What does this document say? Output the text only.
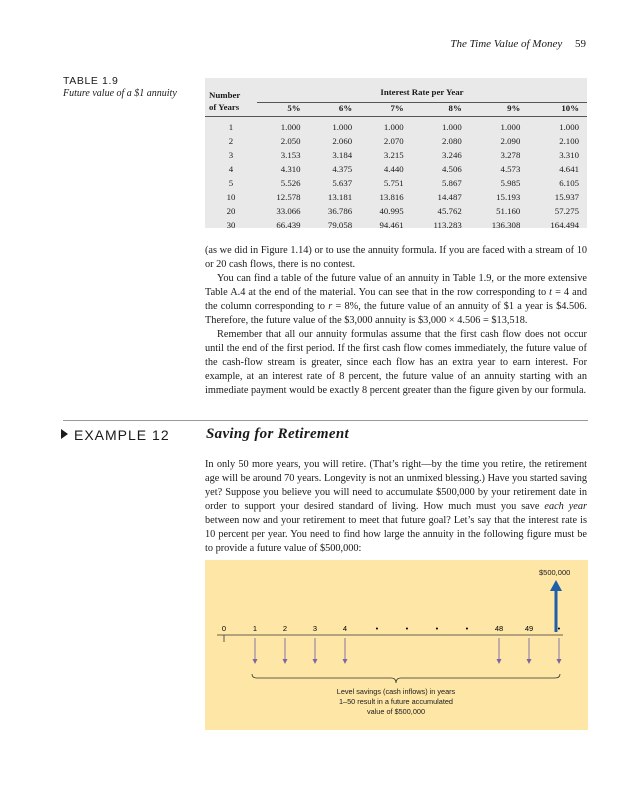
The Time Value of Money 59
TABLE 1.9
Future value of a $1 annuity	Number	Interest Rate per Year					
of Years	5%	6%	7%	8%	9%	10%
1	1.000	1.000	1.000	1.000	1.000	1.000
2	2.050	2.060	2.070	2.080	2.090	2.100
3	3.153	3.184	3.215	3.246	3.278	3.310
4	4.310	4.375	4.440	4.506	4.573	4.641
5	5.526	5.637	5.751	5.867	5.985	6.105
10	12.578	13.181	13.816	14.487	15.193	15.937
20	33.066	36.786	40.995	45.762	51.160	57.275
30	66.439	79.058	94.461	113.283	136.308	164.494

(as we did in Figure 1.14) or to use the annuity formula. If you are faced with a stream of 10 or 20 cash flows, there is no contest.

You can find a table of the future value of an annuity in Table 1.9, or the more extensive Table A.4 at the end of the material. You can see that in the row corresponding to t = 4 and the column corresponding to r = 8%, the future value of an annuity of $1 a year is $4.506. Therefore, the future value of the $3,000 annuity is $3,000 × 4.506 = $13,518.

Remember that all our annuity formulas assume that the first cash flow does not occur until the end of the first period. If the first cash flow comes immediately, the future value of the cash-flow stream is greater, since each flow has an extra year to earn interest. For example, at an interest rate of 8 percent, the future value of an annuity starting with an immediate payment would be exactly 8 percent greater than the figure given by our formula.

EXAMPLE 12 Saving for Retirement

In only 50 more years, you will retire. (That’s right—by the time you retire, the retirement age will be around 70 years. Longevity is not an unmixed blessing.) Have you started saving yet? Suppose you believe you will need to accumulate $500,000 by your retirement date in order to support your desired standard of living. How much must you save each year between now and your retirement to meet that future goal? Let’s say that the interest rate is 10 percent per year. You need to find how large the annuity in the following figure must be to provide a future value of $500,000:

0	1	2	3	4	•	•	•	•	48	49	•
$500,000
Level savings (cash inflows) in years
1–50 result in a future accumulated
value of $500,000
